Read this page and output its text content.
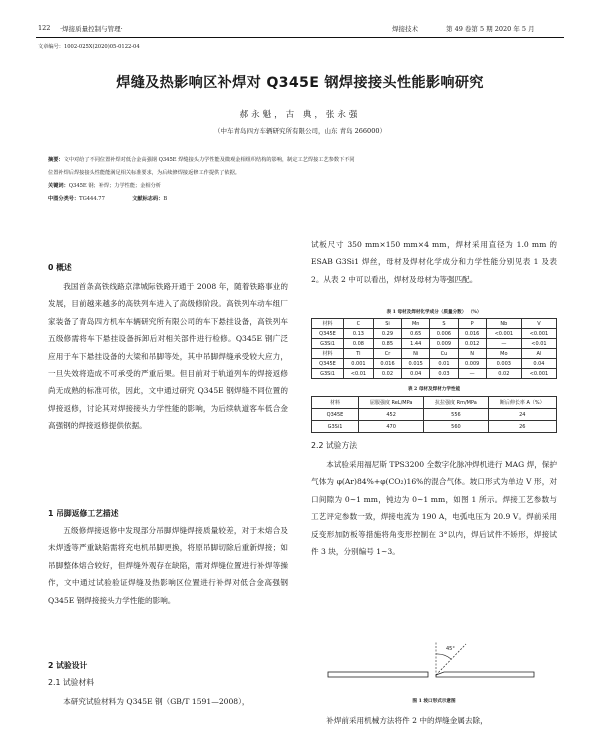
122 ·焊接质量控制与管理·	焊接技术	第 49 卷第 5 期 2020 年 5 月
文章编号：1002-025X(2020)05-0122-04
焊缝及热影响区补焊对 Q345E 钢焊接接头性能影响研究
郝永魁，古 典，张永强
（中车青岛四方车辆研究所有限公司，山东 青岛 266000）
摘要：文中对给了不同位置补焊对低合金高强钢 Q345E 焊缝接头力学性能及微观金相组织结构的影响，制定工艺焊接工艺参数下不同
位置补焊后焊接接头性能能满足相关标准要求，为后续修焊接返修工作提供了依据。
关键词：Q345E 钢；补焊；力学性能；金相分析
中图分类号：TG444.77	文献标志码：B
0 概述

我国首条高铁线路京津城际铁路开通于 2008 年，随着铁路事业的发展，目前越来越多的高铁列车进入了高级修阶段。高铁列车动车组厂家装备了青岛四方机车车辆研究所有限公司的车下悬挂设备，高铁列车五级修需将车下悬挂设备拆卸后对相关部件进行检修。Q345E 钢广泛应用于车下悬挂设备的大梁和吊脚等处，其中吊脚焊缝承受较大应力，一旦失效将造成不可承受的严重后果。但目前对于轨道列车的焊接返修尚无成熟的标准可依，因此，文中通过研究 Q345E 钢焊缝不同位置的焊接返修，讨论其对焊接接头力学性能的影响，为后续轨道客车低合金高强钢的焊接返修提供依据。

1 吊脚返修工艺描述

五级修焊接返修中发现部分吊脚焊缝焊接质量较差，对于未熔合及未焊透等严重缺陷需将充电机吊脚更换，将原吊脚切除后重新焊接；如吊脚整体熔合较好，但焊缝外观存在缺陷，需对焊缝位置进行补焊等操作，文中通过试验验证焊缝及热影响区位置进行补焊对低合金高强钢 Q345E 钢焊接接头力学性能的影响。

2 试验设计
2.1 试验材料

本研究试验材料为 Q345E 钢（GB/T 1591—2008），

试板尺寸 350 mm×150 mm×4 mm，焊材采用直径为 1.0 mm 的 ESAB G3Si1 焊丝，母材及焊材化学成分和力学性能分别见表 1 及表 2。从表 2 中可以看出，焊材及母材为等强匹配。

表 1 母材及焊材化学成分（质量分数） （%）
材料	C	Si	Mn	S	P	Nb	V
Q345E	0.13	0.29	0.65	0.006	0.016	<0.001	<0.001
G3Si1	0.08	0.85	1.44	0.009	0.012	—	<0.01
材料	Ti	Cr	Ni	Cu	N	Mo	Al
Q345E	0.001	0.016	0.015	0.01	0.009	0.003	0.04
G3Si1	<0.01	0.02	0.04	0.03	—	0.02	<0.001
表 2 母材及焊材力学性能
材料	屈服强度 ReL/MPa	抗拉强度 Rm/MPa	断后伸长率 A（%）
Q345E	452	556	24
G3Si1	470	560	26
2.2 试验方法

本试验采用福尼斯 TPS3200 全数字化脉冲焊机进行 MAG 焊，保护气体为 φ(Ar)84%+φ(CO₂)16%的混合气体。坡口形式为单边 V 形，对口间隙为 0~1 mm，钝边为 0~1 mm，如图 1 所示。焊接工艺参数与工艺评定参数一致，焊接电流为 190 A，电弧电压为 20.9 V。焊前采用反变形加防板等措施将角变形控制在 3°以内，焊后试件不矫形，焊接试件 3 块，分别编号 1~3。

45°
图 1 坡口形式示意图

补焊前采用机械方法将件 2 中的焊缝金属去除，
